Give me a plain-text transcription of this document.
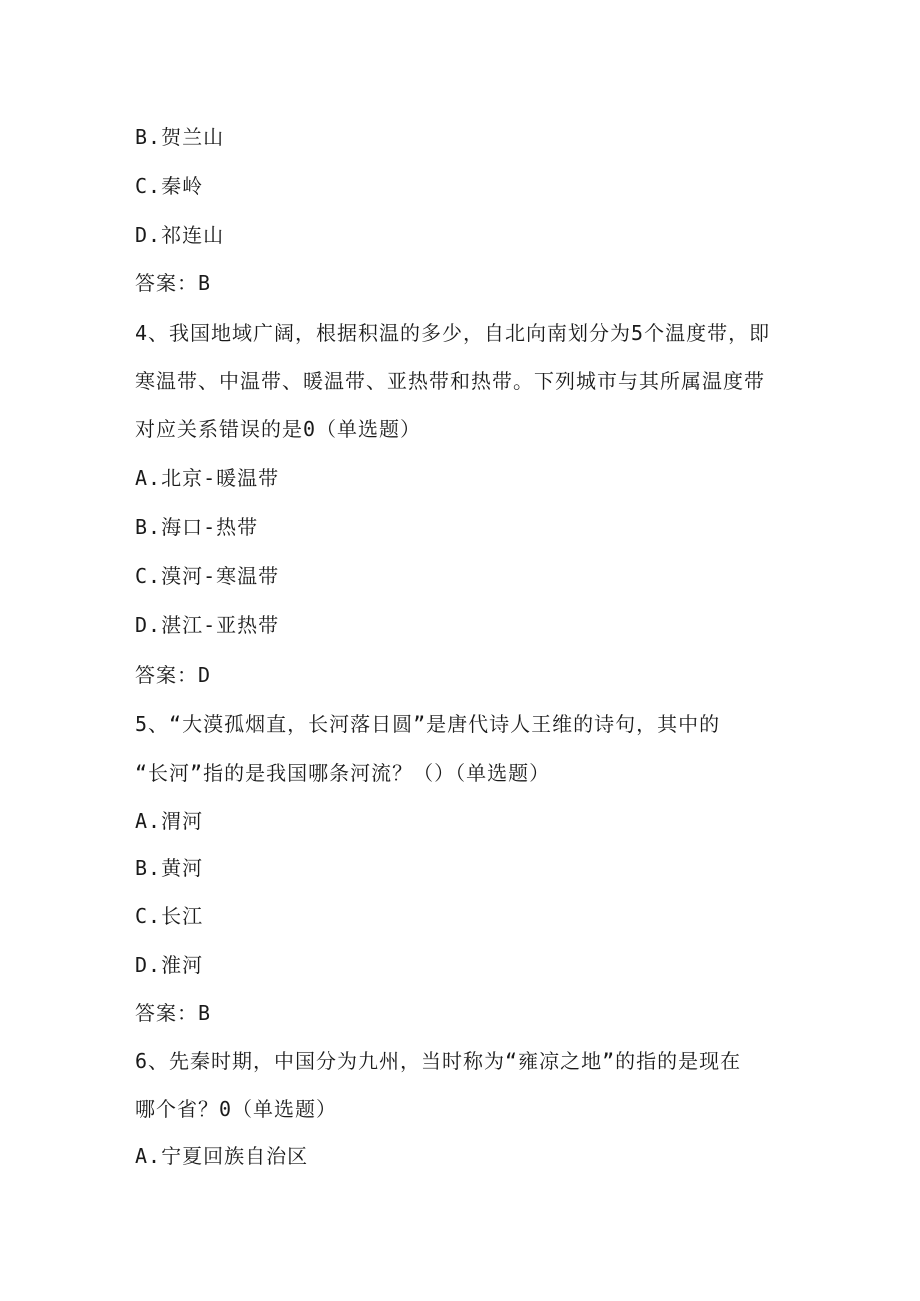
B.贺兰山
C.秦岭
D.祁连山
答案：B
4、我国地域广阔，根据积温的多少，自北向南划分为5个温度带，即
寒温带、中温带、暖温带、亚热带和热带。下列城市与其所属温度带
对应关系错误的是0（单选题）
A.北京-暖温带
B.海口-热带
C.漠河-寒温带
D.湛江-亚热带
答案：D
5、“大漠孤烟直，长河落日圆”是唐代诗人王维的诗句，其中的
“长河”指的是我国哪条河流？（）（单选题）
A.渭河
B.黄河
C.长江
D.淮河
答案：B
6、先秦时期，中国分为九州，当时称为“雍凉之地”的指的是现在
哪个省？0（单选题）
A.宁夏回族自治区
